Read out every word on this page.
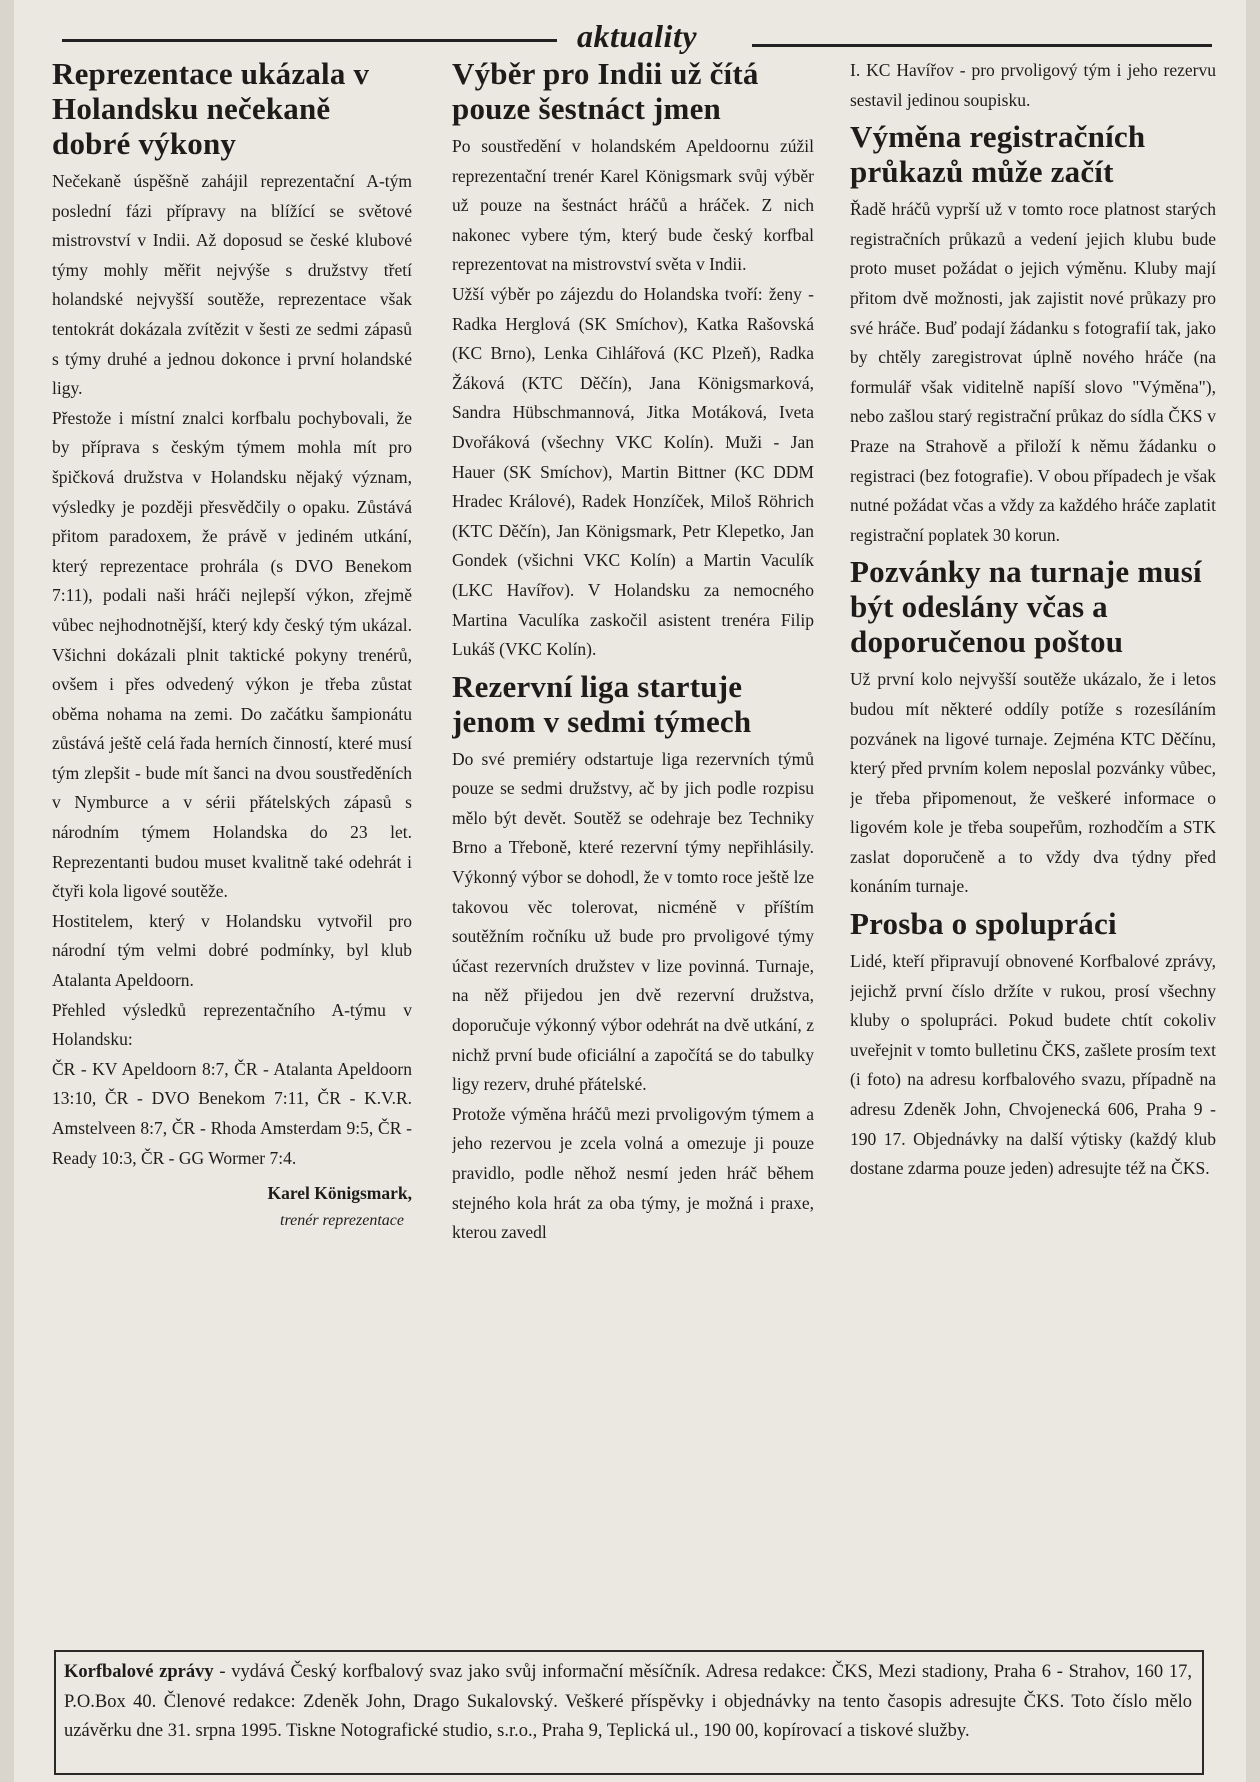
aktuality
Reprezentace ukázala v Holandsku nečekaně dobré výkony

Nečekaně úspěšně zahájil reprezentační A-tým poslední fázi přípravy na blížící se světové mistrovství v Indii. Až doposud se české klubové týmy mohly měřit nejvýše s družstvy třetí holandské nejvyšší soutěže, reprezentace však tentokrát dokázala zvítězit v šesti ze sedmi zápasů s týmy druhé a jednou dokonce i první holandské ligy.

Přestože i místní znalci korfbalu pochybovali, že by příprava s českým týmem mohla mít pro špičková družstva v Holandsku nějaký význam, výsledky je později přesvědčily o opaku. Zůstává přitom paradoxem, že právě v jediném utkání, který reprezentace prohrála (s DVO Benekom 7:11), podali naši hráči nejlepší výkon, zřejmě vůbec nejhodnotnější, který kdy český tým ukázal. Všichni dokázali plnit taktické pokyny trenérů, ovšem i přes odvedený výkon je třeba zůstat oběma nohama na zemi. Do začátku šampionátu zůstává ještě celá řada herních činností, které musí tým zlepšit - bude mít šanci na dvou soustředěních v Nymburce a v sérii přátelských zápasů s národním týmem Holandska do 23 let. Reprezentanti budou muset kvalitně také odehrát i čtyři kola ligové soutěže.

Hostitelem, který v Holandsku vytvořil pro národní tým velmi dobré podmínky, byl klub Atalanta Apeldoorn.

Přehled výsledků reprezentačního A-týmu v Holandsku:

ČR - KV Apeldoorn 8:7, ČR - Atalanta Apeldoorn 13:10, ČR - DVO Benekom 7:11, ČR - K.V.R. Amstelveen 8:7, ČR - Rhoda Amsterdam 9:5, ČR - Ready 10:3, ČR - GG Wormer 7:4.

Karel Königsmark,
trenér reprezentace
Výběr pro Indii už čítá pouze šestnáct jmen

Po soustředění v holandském Apeldoornu zúžil reprezentační trenér Karel Königsmark svůj výběr už pouze na šestnáct hráčů a hráček. Z nich nakonec vybere tým, který bude český korfbal reprezentovat na mistrovství světa v Indii.

Užší výběr po zájezdu do Holandska tvoří: ženy - Radka Herglová (SK Smíchov), Katka Rašovská (KC Brno), Lenka Cihlářová (KC Plzeň), Radka Žáková (KTC Děčín), Jana Königsmarková, Sandra Hübschmannová, Jitka Motáková, Iveta Dvořáková (všechny VKC Kolín). Muži - Jan Hauer (SK Smíchov), Martin Bittner (KC DDM Hradec Králové), Radek Honzíček, Miloš Röhrich (KTC Děčín), Jan Königsmark, Petr Klepetko, Jan Gondek (všichni VKC Kolín) a Martin Vaculík (LKC Havířov). V Holandsku za nemocného Martina Vaculíka zaskočil asistent trenéra Filip Lukáš (VKC Kolín).

Rezervní liga startuje jenom v sedmi týmech

Do své premiéry odstartuje liga rezervních týmů pouze se sedmi družstvy, ač by jich podle rozpisu mělo být devět. Soutěž se odehraje bez Techniky Brno a Třeboně, které rezervní týmy nepřihlásily. Výkonný výbor se dohodl, že v tomto roce ještě lze takovou věc tolerovat, nicméně v příštím soutěžním ročníku už bude pro prvoligové týmy účast rezervních družstev v lize povinná. Turnaje, na něž přijedou jen dvě rezervní družstva, doporučuje výkonný výbor odehrát na dvě utkání, z nichž první bude oficiální a započítá se do tabulky ligy rezerv, druhé přátelské.

Protože výměna hráčů mezi prvoligovým týmem a jeho rezervou je zcela volná a omezuje ji pouze pravidlo, podle něhož nesmí jeden hráč během stejného kola hrát za oba týmy, je možná i praxe, kterou zavedl

I. KC Havířov - pro prvoligový tým i jeho rezervu sestavil jedinou soupisku.

Výměna registračních průkazů může začít

Řadě hráčů vyprší už v tomto roce platnost starých registračních průkazů a vedení jejich klubu bude proto muset požádat o jejich výměnu. Kluby mají přitom dvě možnosti, jak zajistit nové průkazy pro své hráče. Buď podají žádanku s fotografií tak, jako by chtěly zaregistrovat úplně nového hráče (na formulář však viditelně napíší slovo "Výměna"), nebo zašlou starý registrační průkaz do sídla ČKS v Praze na Strahově a přiloží k němu žádanku o registraci (bez fotografie). V obou případech je však nutné požádat včas a vždy za každého hráče zaplatit registrační poplatek 30 korun.

Pozvánky na turnaje musí být odeslány včas a doporučenou poštou

Už první kolo nejvyšší soutěže ukázalo, že i letos budou mít některé oddíly potíže s rozesíláním pozvánek na ligové turnaje. Zejména KTC Děčínu, který před prvním kolem neposlal pozvánky vůbec, je třeba připomenout, že veškeré informace o ligovém kole je třeba soupeřům, rozhodčím a STK zaslat doporučeně a to vždy dva týdny před konáním turnaje.

Prosba o spolupráci

Lidé, kteří připravují obnovené Korfbalové zprávy, jejichž první číslo držíte v rukou, prosí všechny kluby o spolupráci. Pokud budete chtít cokoliv uveřejnit v tomto bulletinu ČKS, zašlete prosím text (i foto) na adresu korfbalového svazu, případně na adresu Zdeněk John, Chvojenecká 606, Praha 9 - 190 17. Objednávky na další výtisky (každý klub dostane zdarma pouze jeden) adresujte též na ČKS.

Korfbalové zprávy - vydává Český korfbalový svaz jako svůj informační měsíčník. Adresa redakce: ČKS, Mezi stadiony, Praha 6 - Strahov, 160 17, P.O.Box 40. Členové redakce: Zdeněk John, Drago Sukalovský. Veškeré příspěvky i objednávky na tento časopis adresujte ČKS. Toto číslo mělo uzávěrku dne 31. srpna 1995. Tiskne Notografické studio, s.r.o., Praha 9, Teplická ul., 190 00, kopírovací a tiskové služby.
